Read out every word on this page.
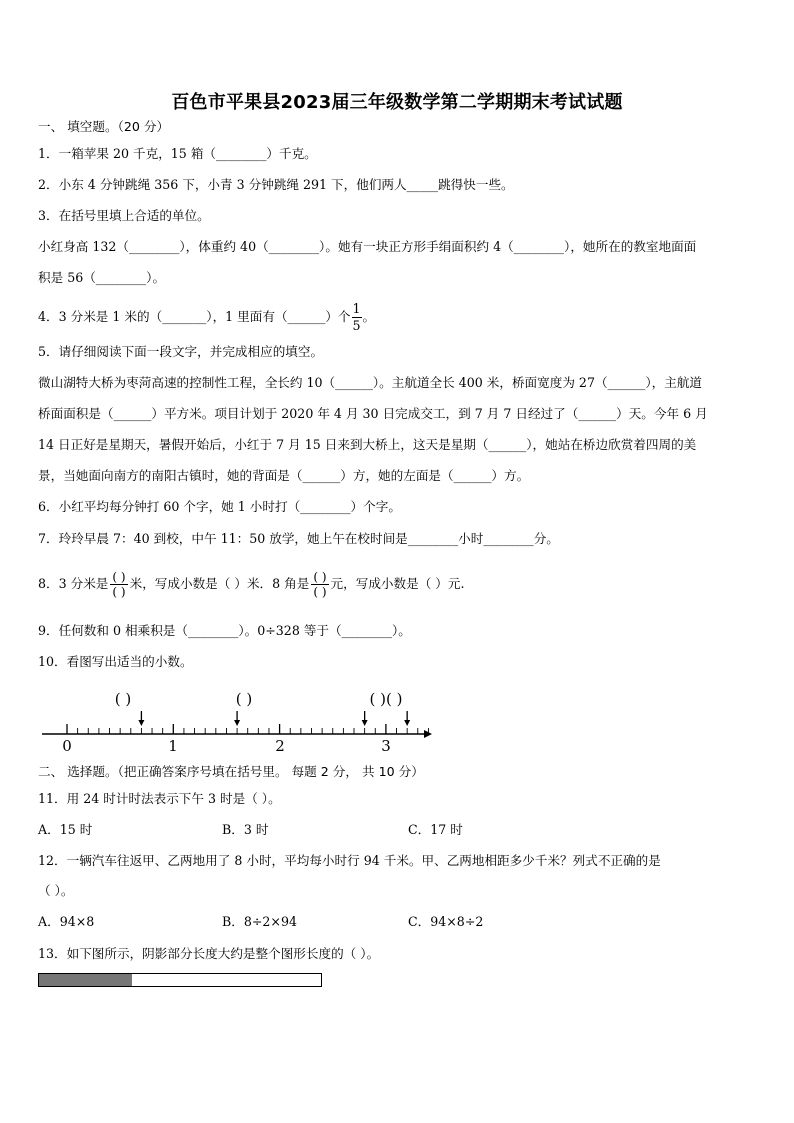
百色市平果县2023届三年级数学第二学期期末考试试题
一、 填空题。（20 分）
1．一箱苹果 20 千克，15 箱（________）千克。
2．小东 4 分钟跳绳 356 下，小青 3 分钟跳绳 291 下，他们两人_____跳得快一些。
3．在括号里填上合适的单位。
小红身高 132（________），体重约 40（________）。她有一块正方形手绢面积约 4（________），她所在的教室地面面
积是 56（________）。
4．3 分米是 1 米的（_______），1 里面有（______）个 $\frac{1}{5}$ 。
5．请仔细阅读下面一段文字，并完成相应的填空。
微山湖特大桥为枣菏高速的控制性工程，全长约 10（______）。主航道全长 400 米，桥面宽度为 27（______），主航道
桥面面积是（______）平方米。项目计划于 2020 年 4 月 30 日完成交工，到 7 月 7 日经过了（______）天。今年 6 月
14 日正好是星期天，暑假开始后，小红于 7 月 15 日来到大桥上，这天是星期（______），她站在桥边欣赏着四周的美
景，当她面向南方的南阳古镇时，她的背面是（______）方，她的左面是（______）方。
6．小红平均每分钟打 60 个字，她 1 小时打（________）个字。
7．玲玲早晨 7：40 到校，中午 11：50 放学，她上午在校时间是________小时________分。
8．3 分米是 $\frac{( )}{( )}$ 米，写成小数是（ ）米．8 角是 $\frac{( )}{( )}$ 元，写成小数是（ ）元.
9．任何数和 0 相乘积是（________）。0÷328 等于（________）。
10．看图写出适当的小数。
( )	( )	( )( )
0	1	2	3
二、 选择题。（把正确答案序号填在括号里。 每题 2 分， 共 10 分）
11．用 24 时计时法表示下午 3 时是（ ）。
A．15 时	B．3 时	C．17 时
12．一辆汽车往返甲、乙两地用了 8 小时，平均每小时行 94 千米。甲、乙两地相距多少千米？列式不正确的是
（ ）。
A．94×8	B．8÷2×94	C．94×8÷2
13．如下图所示，阴影部分长度大约是整个图形长度的（ ）。
